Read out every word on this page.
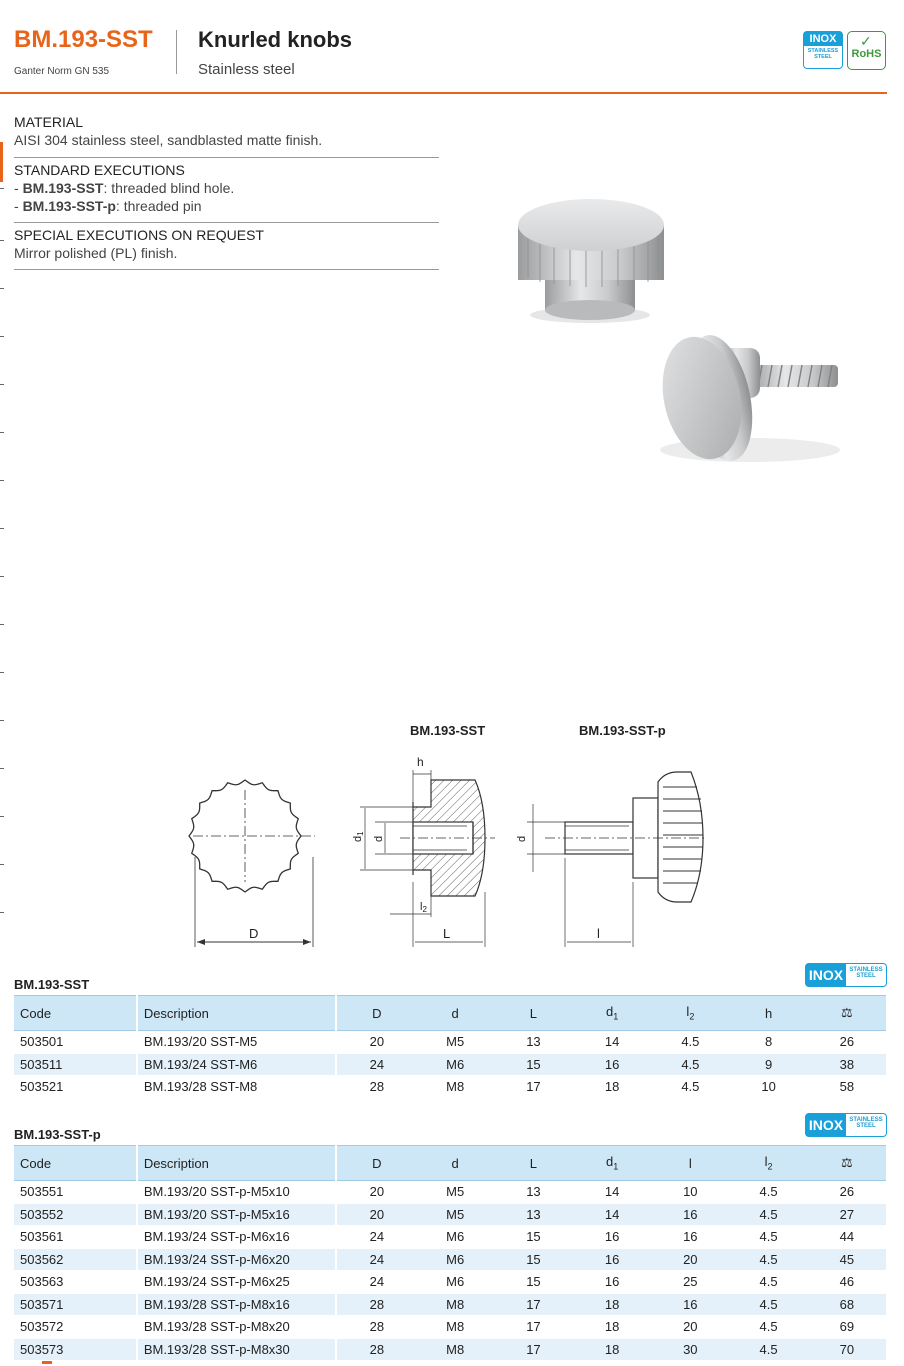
BM.193-SST
Ganter Norm GN 535
Knurled knobs
Stainless steel
INOX
STAINLESS
STEEL
✓
RoHS
MATERIAL
AISI 304 stainless steel, sandblasted matte finish.
STANDARD EXECUTIONS
- BM.193-SST: threaded blind hole.
- BM.193-SST-p: threaded pin
SPECIAL EXECUTIONS ON REQUEST
Mirror polished (PL) finish.
BM.193-SST	BM.193-SST-p
D
h
L
l2
d1
d
l
d
BM.193-SST
INOX	STAINLESS
STEEL
Code	Description	D	d	L	$d_1$	$l_2$	h	⚖
503501	BM.193/20 SST-M5	20	M5	13	14	4.5	8	26
503511	BM.193/24 SST-M6	24	M6	15	16	4.5	9	38
503521	BM.193/28 SST-M8	28	M8	17	18	4.5	10	58
BM.193-SST-p
INOX	STAINLESS
STEEL
Code	Description	D	d	L	$d_1$	l	$l_2$	⚖
503551	BM.193/20 SST-p-M5x10	20	M5	13	14	10	4.5	26
503552	BM.193/20 SST-p-M5x16	20	M5	13	14	16	4.5	27
503561	BM.193/24 SST-p-M6x16	24	M6	15	16	16	4.5	44
503562	BM.193/24 SST-p-M6x20	24	M6	15	16	20	4.5	45
503563	BM.193/24 SST-p-M6x25	24	M6	15	16	25	4.5	46
503571	BM.193/28 SST-p-M8x16	28	M8	17	18	16	4.5	68
503572	BM.193/28 SST-p-M8x20	28	M8	17	18	20	4.5	69
503573	BM.193/28 SST-p-M8x30	28	M8	17	18	30	4.5	70
